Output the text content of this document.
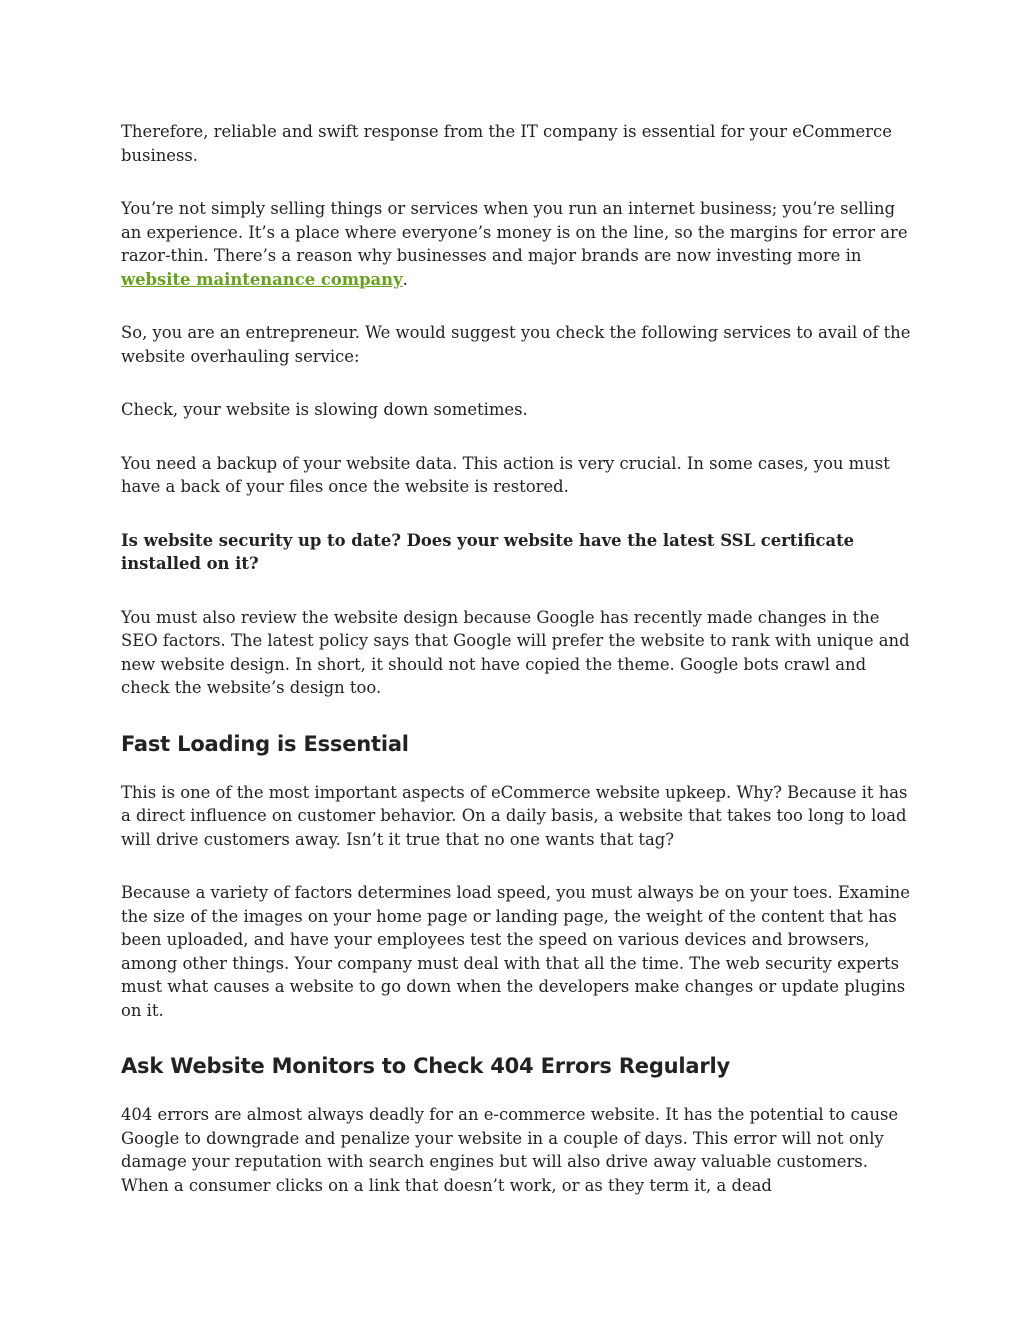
Therefore, reliable and swift response from the IT company is essential for your eCommerce business.

You’re not simply selling things or services when you run an internet business; you’re selling an experience. It’s a place where everyone’s money is on the line, so the margins for error are razor-thin. There’s a reason why businesses and major brands are now investing more in website maintenance company.

So, you are an entrepreneur. We would suggest you check the following services to avail of the website overhauling service:

Check, your website is slowing down sometimes.

You need a backup of your website data. This action is very crucial. In some cases, you must have a back of your files once the website is restored.

Is website security up to date? Does your website have the latest SSL certificate installed on it?

You must also review the website design because Google has recently made changes in the SEO factors. The latest policy says that Google will prefer the website to rank with unique and new website design. In short, it should not have copied the theme. Google bots crawl and check the website’s design too.

Fast Loading is Essential

This is one of the most important aspects of eCommerce website upkeep. Why? Because it has a direct influence on customer behavior. On a daily basis, a website that takes too long to load will drive customers away. Isn’t it true that no one wants that tag?

Because a variety of factors determines load speed, you must always be on your toes. Examine the size of the images on your home page or landing page, the weight of the content that has been uploaded, and have your employees test the speed on various devices and browsers, among other things. Your company must deal with that all the time. The web security experts must what causes a website to go down when the developers make changes or update plugins on it.

Ask Website Monitors to Check 404 Errors Regularly

404 errors are almost always deadly for an e-commerce website. It has the potential to cause Google to downgrade and penalize your website in a couple of days. This error will not only damage your reputation with search engines but will also drive away valuable customers. When a consumer clicks on a link that doesn’t work, or as they term it, a dead
